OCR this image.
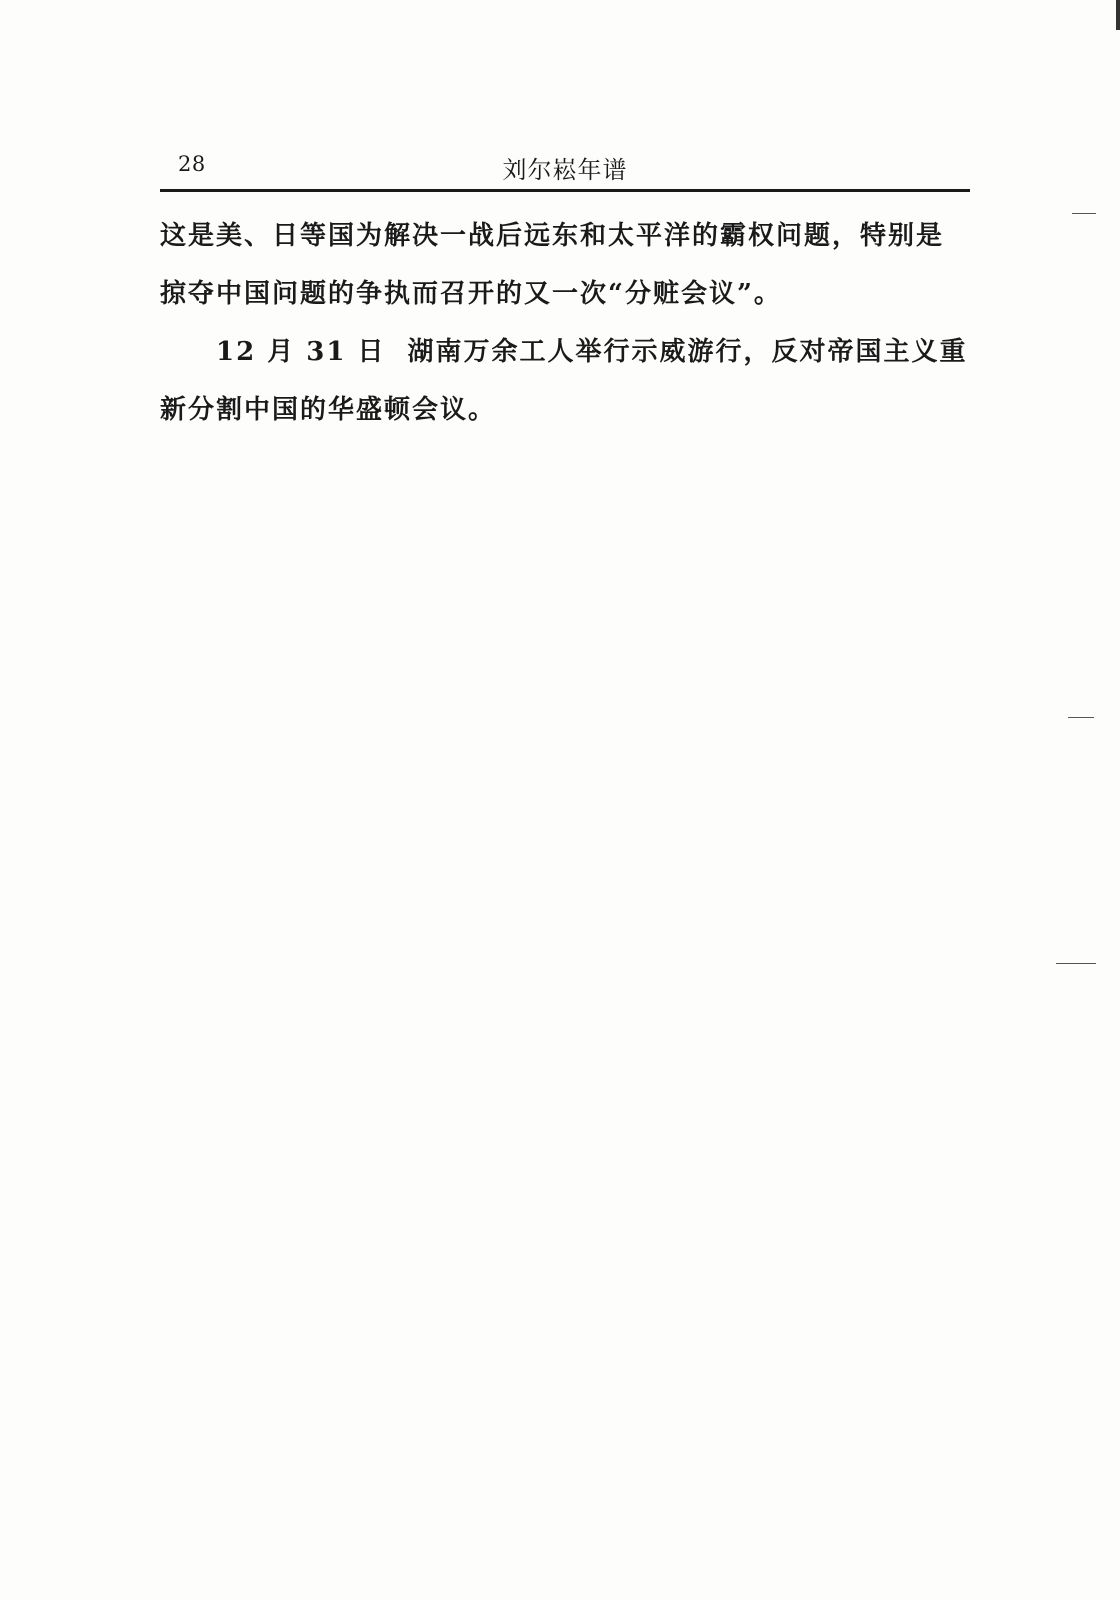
28	刘尔崧年谱

这是美、日等国为解决一战后远东和太平洋的霸权问题，特别是掠夺中国问题的争执而召开的又一次“分赃会议”。

12 月 31 日 湖南万余工人举行示威游行，反对帝国主义重新分割中国的华盛顿会议。
